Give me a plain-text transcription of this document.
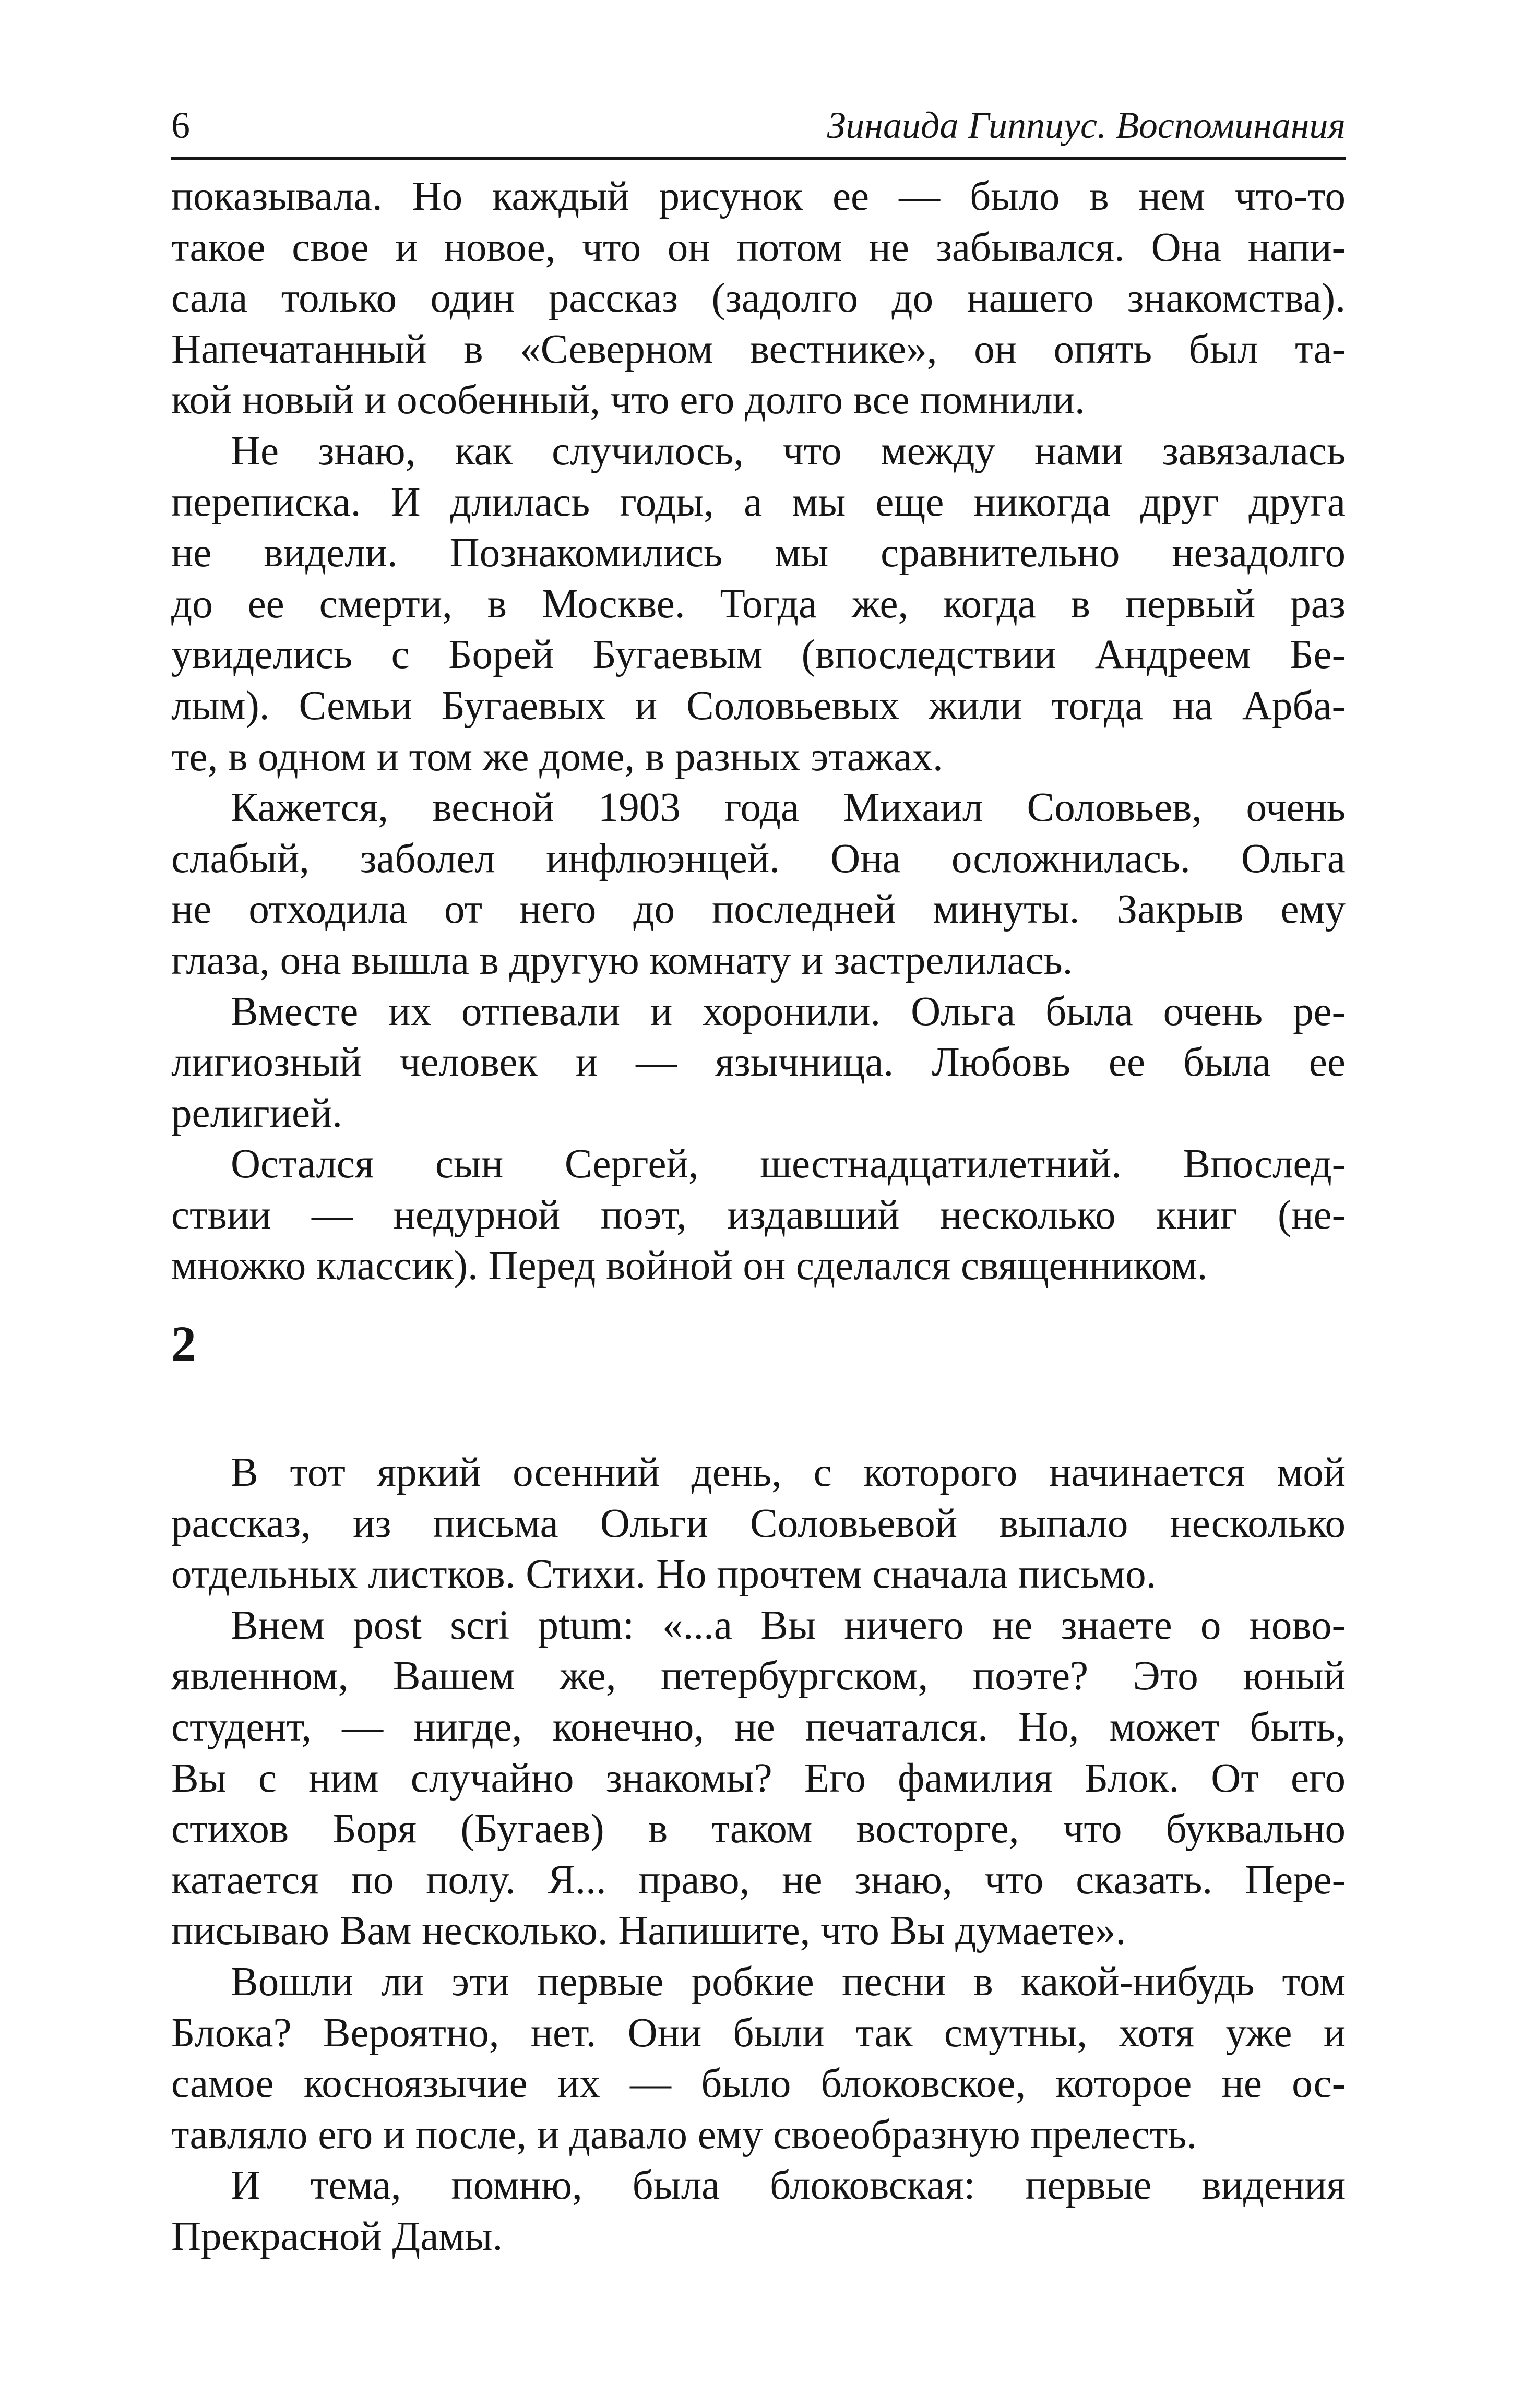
6	Зинаида Гиппиус. Воспоминания
показывала. Но каждый рисунок ее — было в нем что-то
такое свое и новое, что он потом не забывался. Она напи-
сала только один рассказ (задолго до нашего знакомства).
Напечатанный в «Северном вестнике», он опять был та-
кой новый и особенный, что его долго все помнили.
Не знаю, как случилось, что между нами завязалась
переписка. И длилась годы, а мы еще никогда друг друга
не видели. Познакомились мы сравнительно незадолго
до ее смерти, в Москве. Тогда же, когда в первый раз
увиделись с Борей Бугаевым (впоследствии Андреем Бе-
лым). Семьи Бугаевых и Соловьевых жили тогда на Арба-
те, в одном и том же доме, в разных этажах.
Кажется, весной 1903 года Михаил Соловьев, очень
слабый, заболел инфлюэнцей. Она осложнилась. Ольга
не отходила от него до последней минуты. Закрыв ему
глаза, она вышла в другую комнату и застрелилась.
Вместе их отпевали и хоронили. Ольга была очень ре-
лигиозный человек и — язычница. Любовь ее была ее
религией.
Остался сын Сергей, шестнадцатилетний. Впослед-
ствии — недурной поэт, издавший несколько книг (не-
множко классик). Перед войной он сделался священником.
2
В тот яркий осенний день, с которого начинается мой
рассказ, из письма Ольги Соловьевой выпало несколько
отдельных листков. Стихи. Но прочтем сначала письмо.
Внем post scri ptum: «...а Вы ничего не знаете о ново-
явленном, Вашем же, петербургском, поэте? Это юный
студент, — нигде, конечно, не печатался. Но, может быть,
Вы с ним случайно знакомы? Его фамилия Блок. От его
стихов Боря (Бугаев) в таком восторге, что буквально
катается по полу. Я... право, не знаю, что сказать. Пере-
писываю Вам несколько. Напишите, что Вы думаете».
Вошли ли эти первые робкие песни в какой-нибудь том
Блока? Вероятно, нет. Они были так смутны, хотя уже и
самое косноязычие их — было блоковское, которое не ос-
тавляло его и после, и давало ему своеобразную прелесть.
И тема, помню, была блоковская: первые видения
Прекрасной Дамы.
